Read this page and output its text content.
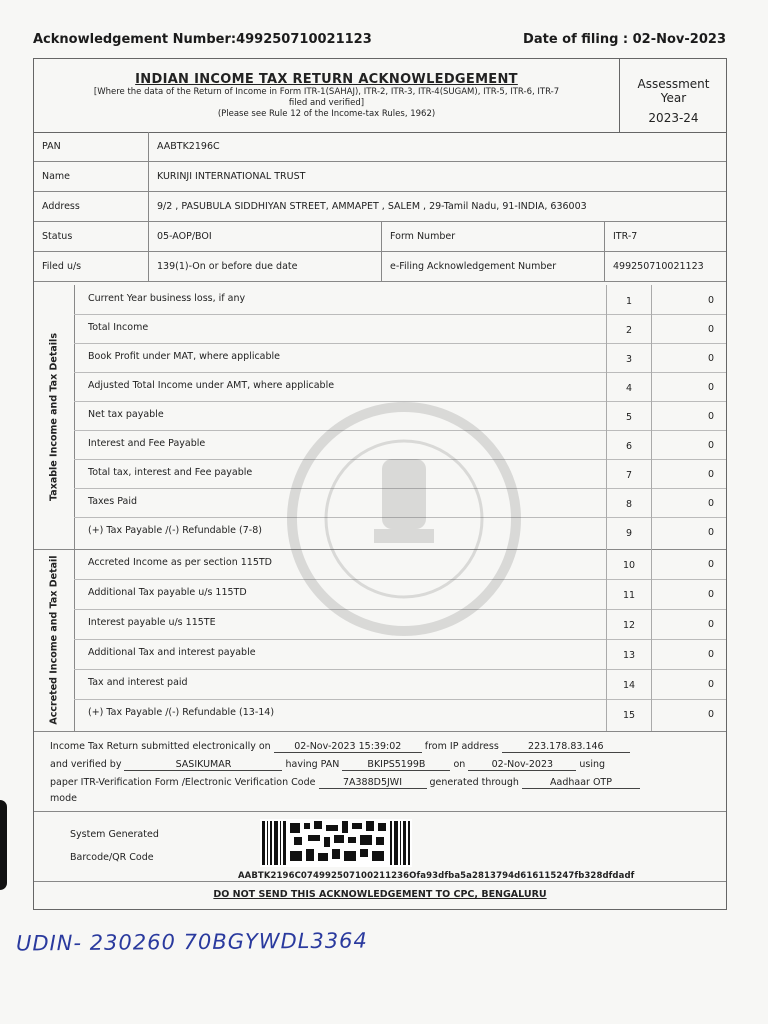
Acknowledgement Number:499250710021123	Date of filing : 02-Nov-2023
INDIAN INCOME TAX RETURN ACKNOWLEDGEMENT
[Where the data of the Return of Income in Form ITR-1(SAHAJ), ITR-2, ITR-3, ITR-4(SUGAM), ITR-5, ITR-6, ITR-7
filed and verified]
(Please see Rule 12 of the Income-tax Rules, 1962)
Assessment Year
2023-24
PAN	AABTK2196C		
Name	KURINJI INTERNATIONAL TRUST		
Address	9/2 , PASUBULA SIDDHIYAN STREET, AMMAPET , SALEM , 29-Tamil Nadu, 91-INDIA, 636003		
Status	05-AOP/BOI	Form Number	ITR-7
Filed u/s	139(1)-On or before due date	e-Filing Acknowledgement Number	499250710021123
Taxable Income and Tax Details
Current Year business loss, if any	1	0
Total Income	2	0
Book Profit under MAT, where applicable	3	0
Adjusted Total Income under AMT, where applicable	4	0
Net tax payable	5	0
Interest and Fee Payable	6	0
Total tax, interest and Fee payable	7	0
Taxes Paid	8	0
(+) Tax Payable /(-) Refundable (7-8)	9	0
Accreted Income and Tax Detail	Accreted Income as per section 115TD	10	0
Additional Tax payable u/s 115TD	11	0
Interest payable u/s 115TE	12	0
Additional Tax and interest payable	13	0
Tax and interest paid	14	0
(+) Tax Payable /(-) Refundable (13-14)	15	0
Income Tax Return submitted electronically on 02-Nov-2023 15:39:02 from IP address	223.178.83.146
and verified by	SASIKUMAR	having PAN	BKIPS5199B	on	02-Nov-2023	using
paper ITR-Verification Form /Electronic Verification Code	7A388D5JWI	generated through	Aadhaar OTP
mode
System Generated
Barcode/QR Code
AABTK2196C074992507100211236Ofa93dfba5a2813794d616115247fb328dfdadf
DO NOT SEND THIS ACKNOWLEDGEMENT TO CPC, BENGALURU
UDIN- 230260 70BGYWDL3364
